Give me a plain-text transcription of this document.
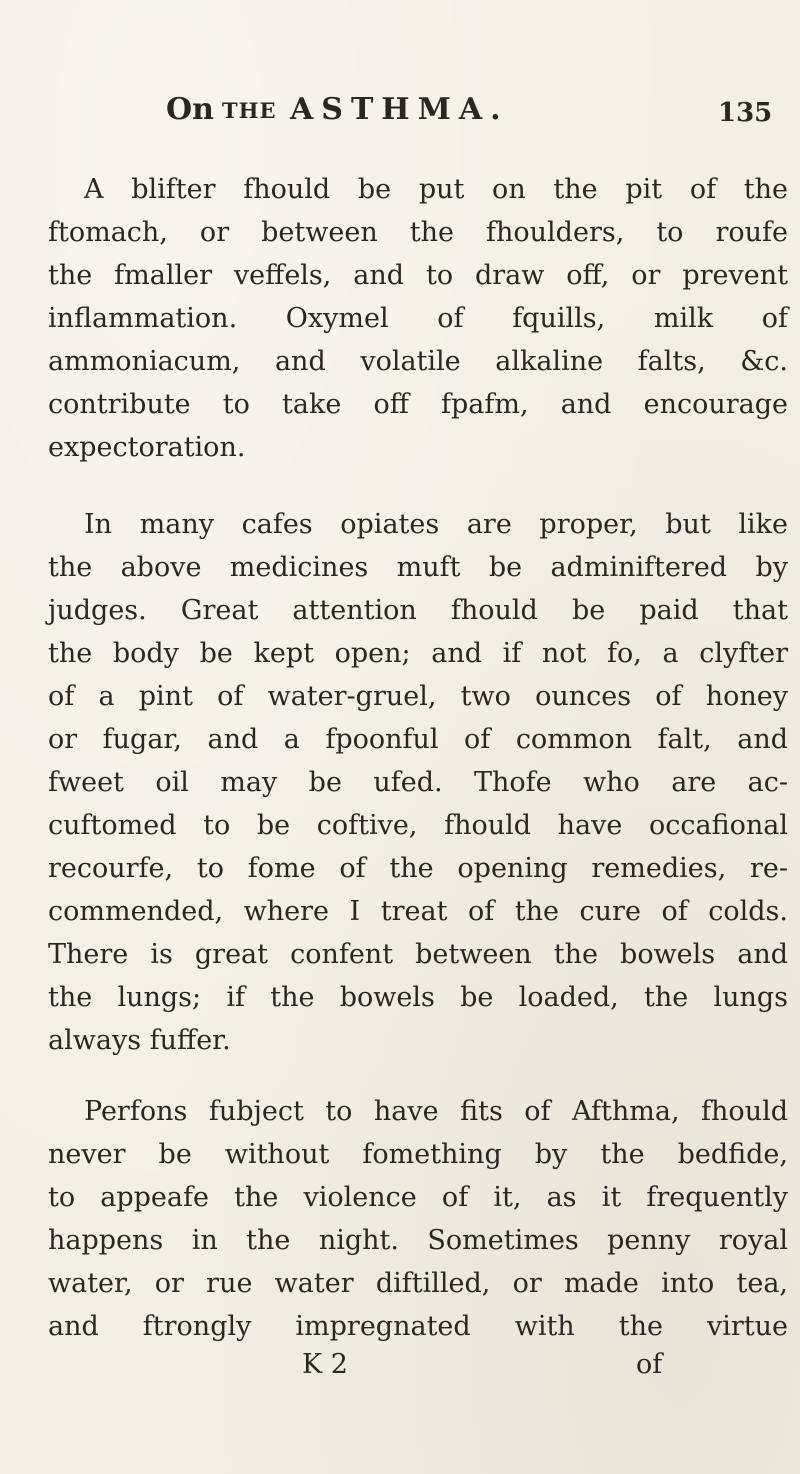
On THE ASTHMA.	135
A blifter fhould be put on the pit of the
ftomach, or between the fhoulders, to roufe
the fmaller veffels, and to draw off, or prevent
inflammation. Oxymel of fquills, milk of
ammoniacum, and volatile alkaline falts, &c.
contribute to take off fpafm, and encourage
expectoration.
In many cafes opiates are proper, but like
the above medicines muft be adminiftered by
judges. Great attention fhould be paid that
the body be kept open; and if not fo, a clyfter
of a pint of water-gruel, two ounces of honey
or fugar, and a fpoonful of common falt, and
fweet oil may be ufed. Thofe who are ac-
cuftomed to be coftive, fhould have occafional
recourfe, to fome of the opening remedies, re-
commended, where I treat of the cure of colds.
There is great confent between the bowels and
the lungs; if the bowels be loaded, the lungs
always fuffer.
Perfons fubject to have fits of Afthma, fhould
never be without fomething by the bedfide,
to appeafe the violence of it, as it frequently
happens in the night. Sometimes penny royal
water, or rue water diftilled, or made into tea,
and ftrongly impregnated with the virtue
K 2	of
